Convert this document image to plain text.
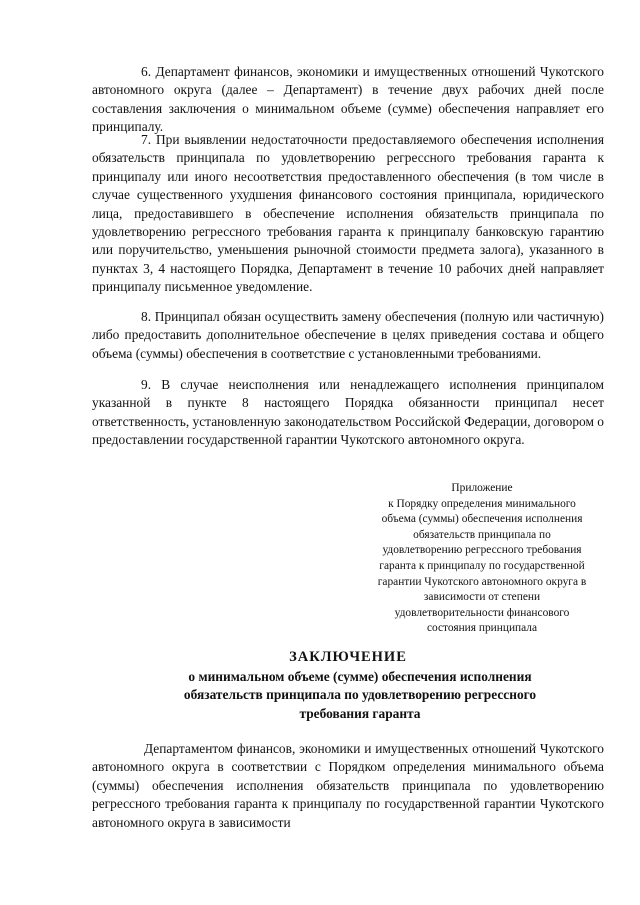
6. Департамент финансов, экономики и имущественных отношений Чукотского автономного округа (далее – Департамент) в течение двух рабочих дней после составления заключения о минимальном объеме (сумме) обеспечения направляет его принципалу.

7. При выявлении недостаточности предоставляемого обеспечения исполнения обязательств принципала по удовлетворению регрессного требования гаранта к принципалу или иного несоответствия предоставленного обеспечения (в том числе в случае существенного ухудшения финансового состояния принципала, юридического лица, предоставившего в обеспечение исполнения обязательств принципала по удовлетворению регрессного требования гаранта к принципалу банковскую гарантию или поручительство, уменьшения рыночной стоимости предмета залога), указанного в пунктах 3, 4 настоящего Порядка, Департамент в течение 10 рабочих дней направляет принципалу письменное уведомление.

8. Принципал обязан осуществить замену обеспечения (полную или частичную) либо предоставить дополнительное обеспечение в целях приведения состава и общего объема (суммы) обеспечения в соответствие с установленными требованиями.

9. В случае неисполнения или ненадлежащего исполнения принципалом указанной в пункте 8 настоящего Порядка обязанности принципал несет ответственность, установленную законодательством Российской Федерации, договором о предоставлении государственной гарантии Чукотского автономного округа.

Приложение
к Порядку определения минимального
объема (суммы) обеспечения исполнения
обязательств принципала по
удовлетворению регрессного требования
гаранта к принципалу по государственной
гарантии Чукотского автономного округа в
зависимости от степени
удовлетворительности финансового
состояния принципала
ЗАКЛЮЧЕНИЕ
о минимальном объеме (сумме) обеспечения исполнения обязательств принципала по удовлетворению регрессного требования гаранта

Департаментом финансов, экономики и имущественных отношений Чукотского автономного округа в соответствии с Порядком определения минимального объема (суммы) обеспечения исполнения обязательств принципала по удовлетворению регрессного требования гаранта к принципалу по государственной гарантии Чукотского автономного округа в зависимости
